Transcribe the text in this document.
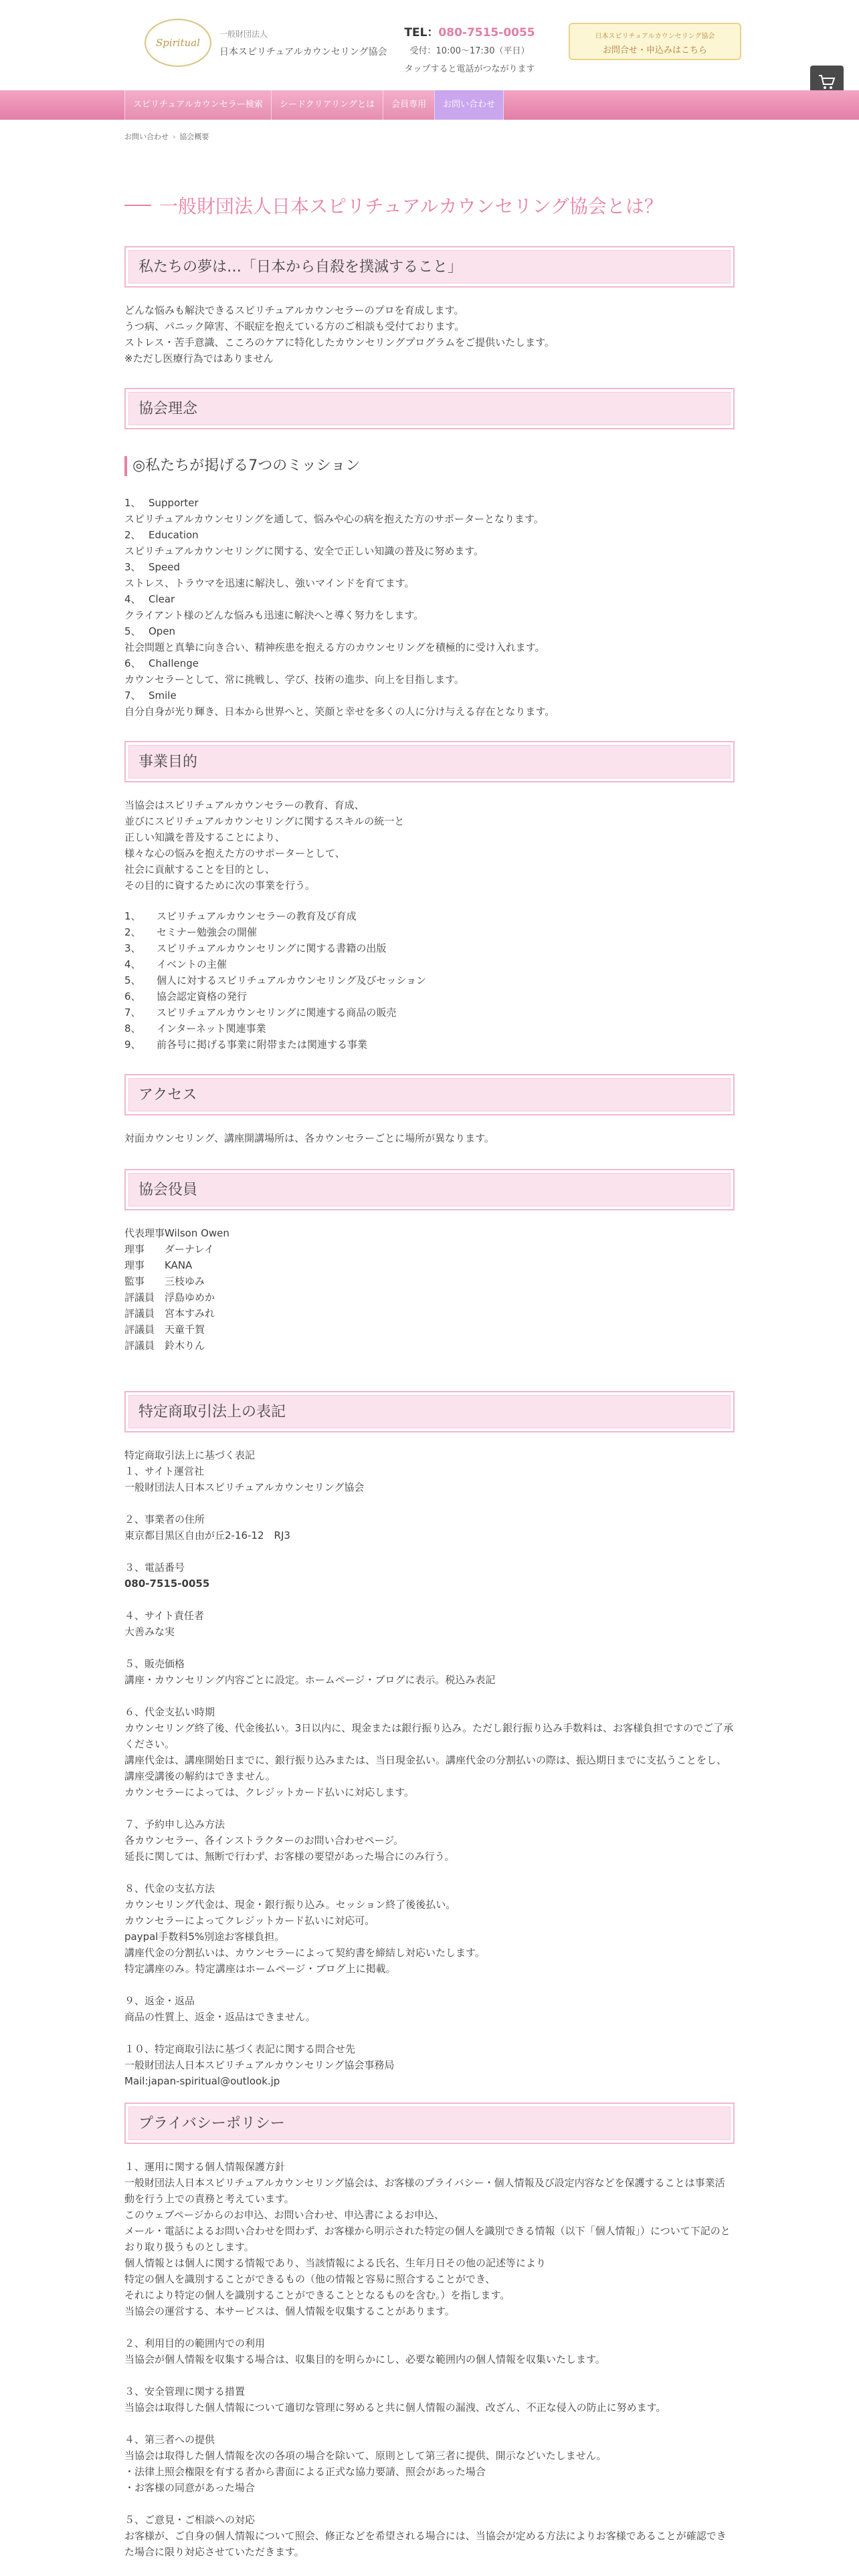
Spiritual
一般財団法人
日本スピリチュアルカウンセリング協会
TEL：080-7515-0055
受付：10:00〜17:30（平日）
タップすると電話がつながります
日本スピリチュアルカウンセリング協会
お問合せ・申込みはこちら
スピリチュアルカウンセラー検索	シードクリアリングとは	会員専用	お問い合わせ
お問い合わせ › 協会概要
一般財団法人日本スピリチュアルカウンセリング協会とは？
私たちの夢は…「日本から自殺を撲滅すること」
どんな悩みも解決できるスピリチュアルカウンセラーのプロを育成します。
うつ病、パニック障害、不眠症を抱えている方のご相談も受付ております。
ストレス・苦手意識、こころのケアに特化したカウンセリングプログラムをご提供いたします。
※ただし医療行為ではありません
協会理念
◎私たちが掲げる7つのミッション
1、 Supporter
スピリチュアルカウンセリングを通して、悩みや心の病を抱えた方のサポーターとなります。
2、 Education
スピリチュアルカウンセリングに関する、安全で正しい知識の普及に努めます。
3、 Speed
ストレス、トラウマを迅速に解決し、強いマインドを育てます。
4、 Clear
クライアント様のどんな悩みも迅速に解決へと導く努力をします。
5、 Open
社会問題と真摯に向き合い、精神疾患を抱える方のカウンセリングを積極的に受け入れます。
6、 Challenge
カウンセラーとして、常に挑戦し、学び、技術の進歩、向上を目指します。
7、 Smile
自分自身が光り輝き、日本から世界へと、笑顔と幸せを多くの人に分け与える存在となります。
事業目的
当協会はスピリチュアルカウンセラーの教育、育成、
並びにスピリチュアルカウンセリングに関するスキルの統一と
正しい知識を普及することにより、
様々な心の悩みを抱えた方のサポーターとして、
社会に貢献することを目的とし、
その目的に資するために次の事業を行う。
1、	スピリチュアルカウンセラーの教育及び育成
2、	セミナー勉強会の開催
3、	スピリチュアルカウンセリングに関する書籍の出版
4、	イベントの主催
5、	個人に対するスピリチュアルカウンセリング及びセッション
6、	協会認定資格の発行
7、	スピリチュアルカウンセリングに関連する商品の販売
8、	インターネット関連事業
9、	前各号に掲げる事業に附帯または関連する事業
アクセス
対面カウンセリング、講座開講場所は、各カウンセラーごとに場所が異なります。
協会役員
代表理事 Wilson Owen
理事	ダーナレイ
理事	KANA
監事	三枝ゆみ
評議員 浮島ゆめか
評議員 宮本すみれ
評議員 天童千賀
評議員 鈴木りん
特定商取引法上の表記
特定商取引法上に基づく表記
１、サイト運営社
一般財団法人日本スピリチュアルカウンセリング協会
２、事業者の住所
東京都目黒区自由が丘2-16-12　RJ3
３、電話番号
080-7515-0055
４、サイト責任者
大善みな実
５、販売価格
講座・カウンセリング内容ごとに設定。ホームページ・ブログに表示。税込み表記
６、代金支払い時期
カウンセリング終了後、代金後払い。3日以内に、現金または銀行振り込み。ただし銀行振り込み手数料は、お客様負担ですのでご了承ください。
講座代金は、講座開始日までに、銀行振り込みまたは、当日現金払い。講座代金の分割払いの際は、振込期日までに支払うことをし、講座受講後の解約はできません。
カウンセラーによっては、クレジットカード払いに対応します。
７、予約申し込み方法
各カウンセラー、各インストラクターのお問い合わせページ。
延長に関しては、無断で行わず、お客様の要望があった場合にのみ行う。
８、代金の支払方法
カウンセリング代金は、現金・銀行振り込み。セッション終了後後払い。
カウンセラーによってクレジットカード払いに対応可。
paypal手数料5%別途お客様負担。
講座代金の分割払いは、カウンセラーによって契約書を締結し対応いたします。
特定講座のみ。特定講座はホームページ・ブログ上に掲載。
９、返金・返品
商品の性質上、返金・返品はできません。
１０、特定商取引法に基づく表記に関する問合せ先
一般財団法人日本スピリチュアルカウンセリング協会事務局
Mail:japan-spiritual@outlook.jp
プライバシーポリシー
１、運用に関する個人情報保護方針
一般財団法人日本スピリチュアルカウンセリング協会は、お客様のプライバシー・個人情報及び設定内容などを保護することは事業活動を行う上での責務と考えています。
このウェブページからのお申込、お問い合わせ、申込書によるお申込、
メール・電話によるお問い合わせを問わず、お客様から明示された特定の個人を識別できる情報（以下「個人情報」）について下記のとおり取り扱うものとします。
個人情報とは個人に関する情報であり、当該情報による氏名、生年月日その他の記述等により
特定の個人を識別することができるもの（他の情報と容易に照合することができ、
それにより特定の個人を識別することができることとなるものを含む。）を指します。
当協会の運営する、本サービスは、個人情報を収集することがあります。
２、利用目的の範囲内での利用
当協会が個人情報を収集する場合は、収集目的を明らかにし、必要な範囲内の個人情報を収集いたします。
３、安全管理に関する措置
当協会は取得した個人情報について適切な管理に努めると共に個人情報の漏洩、改ざん、不正な侵入の防止に努めます。
４、第三者への提供
当協会は取得した個人情報を次の各項の場合を除いて、原則として第三者に提供、開示などいたしません。
・法律上照会権限を有する者から書面による正式な協力要請、照会があった場合
・お客様の同意があった場合
５、ご意見・ご相談への対応
お客様が、ご自身の個人情報について照会、修正などを希望される場合には、当協会が定める方法によりお客様であることが確認できた場合に限り対応させていただきます。
